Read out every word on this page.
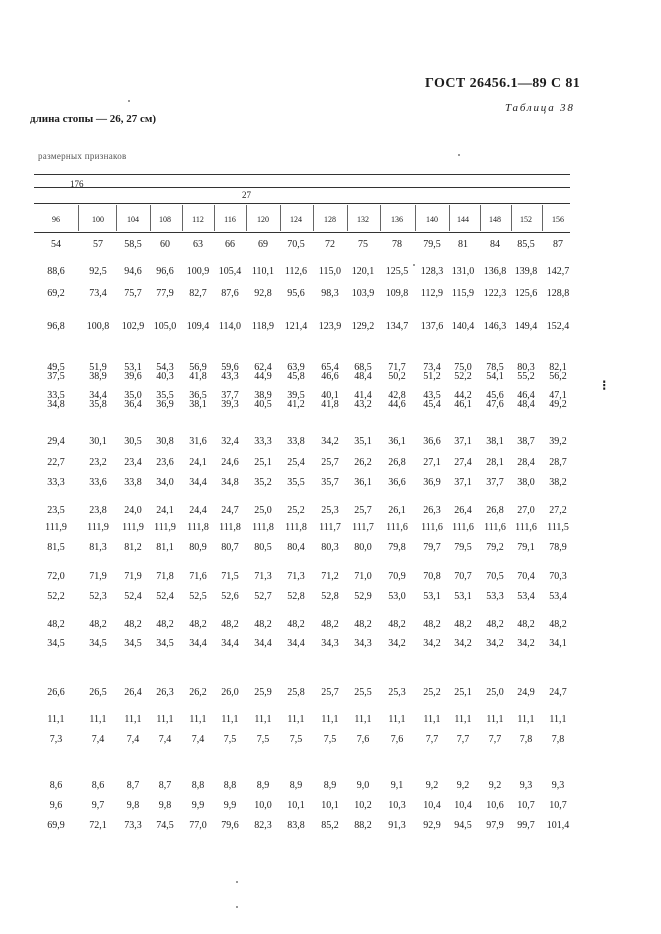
ГОСТ 26456.1—89 С 81
Таблица 38
длина стопы — 26, 27 см)
размерных признаков
176
27
96	100	104	108	112	116	120	124	128	132	136	140 144	148 152	156
54	57 58,5 60 63 66 69 70,5 72 75 78 79,5 81 84 85,5 87
88,6 92,5 94,6 96,6 100,9 105,4 110,1 112,6 115,0 120,1 125,5 128,3 131,0 136,8 139,8 142,7
69,2 73,4 75,7 77,9 82,7 87,6 92,8 95,6 98,3 103,9 109,8 112,9 115,9 122,3 125,6 128,8
96,8 100,8 102,9 105,0 109,4 114,0 118,9 121,4 123,9 129,2 134,7 137,6 140,4 146,3 149,4 152,4
49,5 51,9 53,1 54,3 56,9 59,6 62,4 63,9 65,4 68,5 71,7 73,4 75,0 78,5 80,3 82,1
37,5 38,9 39,6 40,3 41,8 43,3 44,9 45,8 46,6 48,4 50,2 51,2 52,2 54,1 55,2 56,2
33,5 34,4 35,0 35,5 36,5 37,7 38,9 39,5 40,1 41,4 42,8 43,5 44,2 45,6 46,4 47,1
34,8 35,8 36,4 36,9 38,1 39,3 40,5 41,2 41,8 43,2 44,6 45,4 46,1 47,6 48,4 49,2
29,4 30,1 30,5 30,8 31,6 32,4 33,3 33,8 34,2 35,1 36,1 36,6 37,1 38,1 38,7 39,2
22,7 23,2 23,4 23,6 24,1 24,6 25,1 25,4 25,7 26,2 26,8 27,1 27,4 28,1 28,4 28,7
33,3 33,6 33,8 34,0 34,4 34,8 35,2 35,5 35,7 36,1 36,6 36,9 37,1 37,7 38,0 38,2
23,5 23,8 24,0 24,1 24,4 24,7 25,0 25,2 25,3 25,7 26,1 26,3 26,4 26,8 27,0 27,2
111,9 111,9 111,9 111,9 111,8 111,8 111,8 111,8 111,7 111,7 111,6 111,6 111,6 111,6 111,6 111,5
81,5 81,3 81,2 81,1 80,9 80,7 80,5 80,4 80,3 80,0 79,8 79,7 79,5 79,2 79,1 78,9
72,0 71,9 71,9 71,8 71,6 71,5 71,3 71,3 71,2 71,0 70,9 70,8 70,7 70,5 70,4 70,3
52,2 52,3 52,4 52,4 52,5 52,6 52,7 52,8 52,8 52,9 53,0 53,1 53,1 53,3 53,4 53,4
48,2 48,2 48,2 48,2 48,2 48,2 48,2 48,2 48,2 48,2 48,2 48,2 48,2 48,2 48,2 48,2
34,5 34,5 34,5 34,5 34,4 34,4 34,4 34,4 34,3 34,3 34,2 34,2 34,2 34,2 34,2 34,1
26,6 26,5 26,4 26,3 26,2 26,0 25,9 25,8 25,7 25,5 25,3 25,2 25,1 25,0 24,9 24,7
11,1 11,1 11,1 11,1 11,1 11,1 11,1 11,1 11,1 11,1 11,1 11,1 11,1 11,1 11,1 11,1
7,3	7,4 7,4 7,4 7,4 7,5 7,5 7,5 7,5 7,6 7,6 7,7 7,7 7,7 7,8 7,8
8,6	8,6 8,7 8,7 8,8 8,8 8,9 8,9 8,9 9,0 9,1 9,2 9,2 9,2 9,3 9,3
9,6	9,7 9,8 9,8 9,9 9,9 10,0 10,1 10,1 10,2 10,3 10,4 10,4 10,6 10,7 10,7
69,9 72,1 73,3 74,5 77,0 79,6 82,3 83,8 85,2 88,2 91,3 92,9 94,5 97,9 99,7 101,4
⁝
